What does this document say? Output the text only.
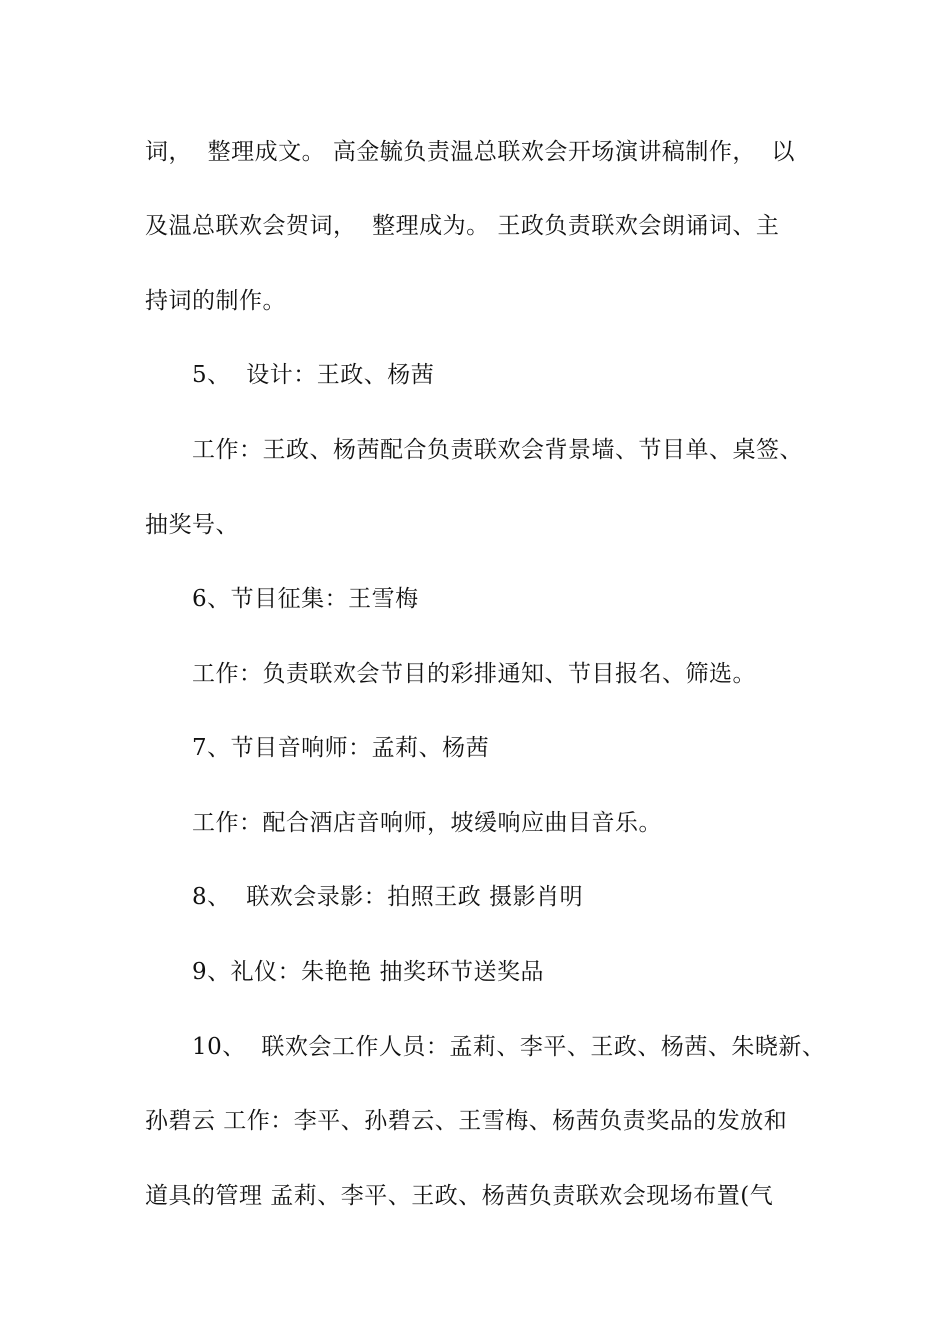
词，  整理成文。 高金毓负责温总联欢会开场演讲稿制作，  以
及温总联欢会贺词，  整理成为。 王政负责联欢会朗诵词、主
持词的制作。
5、  设计：王政、杨茜
工作：王政、杨茜配合负责联欢会背景墙、节目单、桌签、
抽奖号、
6、节目征集：王雪梅
工作：负责联欢会节目的彩排通知、节目报名、筛选。
7、节目音响师：孟莉、杨茜
工作：配合酒店音响师，坡缓响应曲目音乐。
8、  联欢会录影：拍照王政 摄影肖明
9、礼仪：朱艳艳 抽奖环节送奖品
10、  联欢会工作人员：孟莉、李平、王政、杨茜、朱晓新、
孙碧云 工作：李平、孙碧云、王雪梅、杨茜负责奖品的发放和
道具的管理 孟莉、李平、王政、杨茜负责联欢会现场布置(气
